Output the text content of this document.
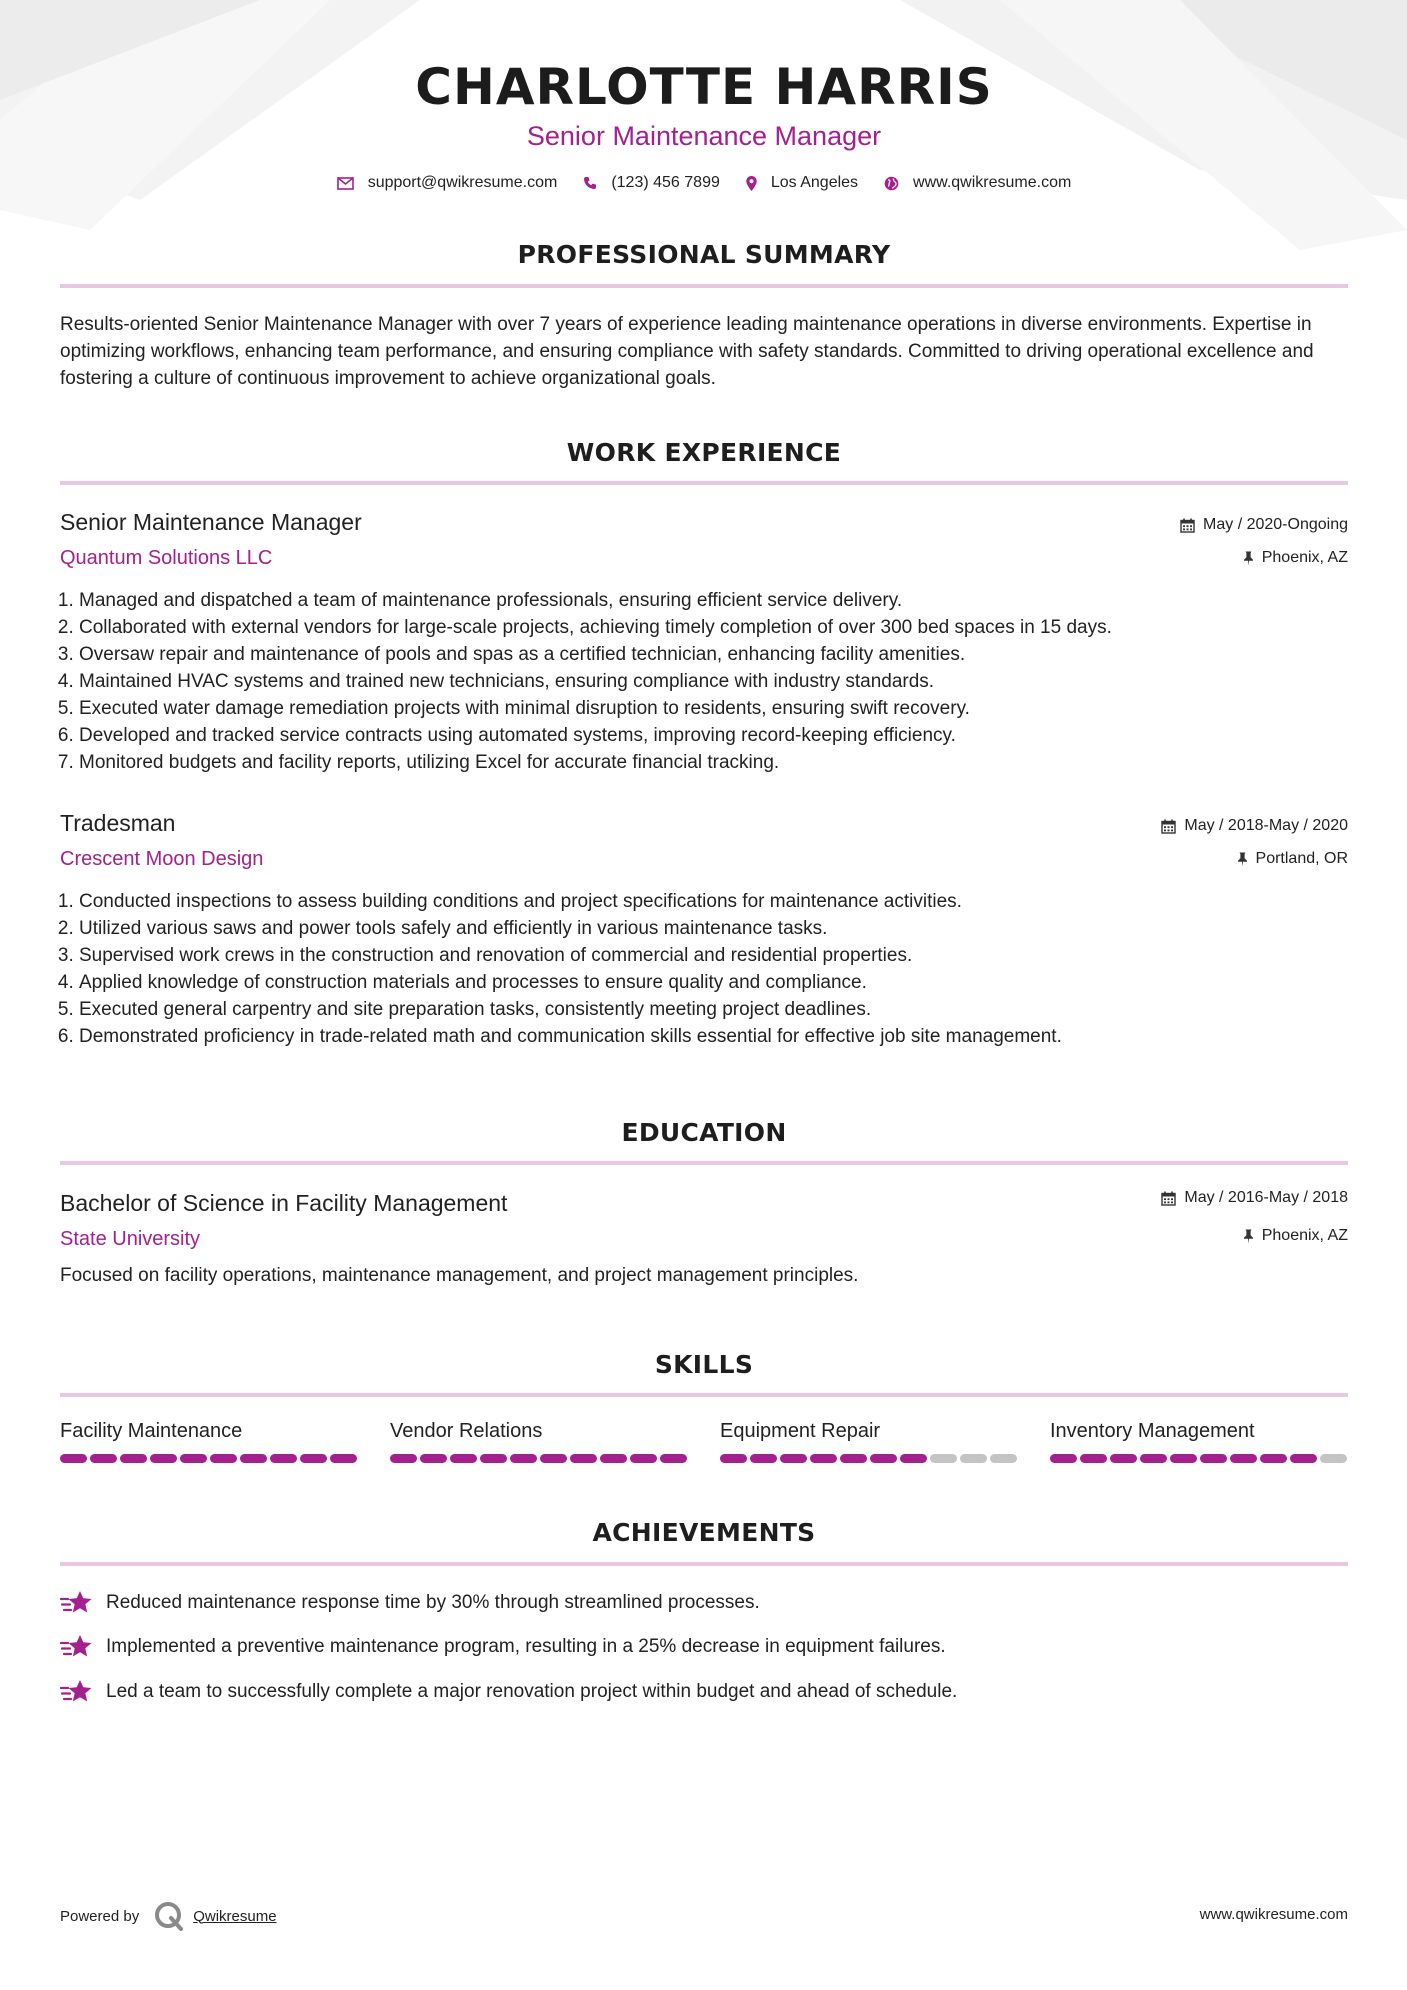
CHARLOTTE HARRIS
Senior Maintenance Manager
support@qwikresume.com	(123) 456 7899	Los Angeles	www.qwikresume.com
PROFESSIONAL SUMMARY
Results-oriented Senior Maintenance Manager with over 7 years of experience leading maintenance operations in diverse environments. Expertise in optimizing workflows, enhancing team performance, and ensuring compliance with safety standards. Committed to driving operational excellence and fostering a culture of continuous improvement to achieve organizational goals.
WORK EXPERIENCE
Senior Maintenance Manager
Quantum Solutions LLC
May / 2020-Ongoing
Phoenix, AZ
1. Managed and dispatched a team of maintenance professionals, ensuring efficient service delivery.
2. Collaborated with external vendors for large-scale projects, achieving timely completion of over 300 bed spaces in 15 days.
3. Oversaw repair and maintenance of pools and spas as a certified technician, enhancing facility amenities.
4. Maintained HVAC systems and trained new technicians, ensuring compliance with industry standards.
5. Executed water damage remediation projects with minimal disruption to residents, ensuring swift recovery.
6. Developed and tracked service contracts using automated systems, improving record-keeping efficiency.
7. Monitored budgets and facility reports, utilizing Excel for accurate financial tracking.
Tradesman
Crescent Moon Design
May / 2018-May / 2020
Portland, OR
1. Conducted inspections to assess building conditions and project specifications for maintenance activities.
2. Utilized various saws and power tools safely and efficiently in various maintenance tasks.
3. Supervised work crews in the construction and renovation of commercial and residential properties.
4. Applied knowledge of construction materials and processes to ensure quality and compliance.
5. Executed general carpentry and site preparation tasks, consistently meeting project deadlines.
6. Demonstrated proficiency in trade-related math and communication skills essential for effective job site management.
EDUCATION
Bachelor of Science in Facility Management
State University
May / 2016-May / 2018
Phoenix, AZ
Focused on facility operations, maintenance management, and project management principles.
SKILLS
Facility Maintenance	Vendor Relations	Equipment Repair	Inventory Management
ACHIEVEMENTS
Reduced maintenance response time by 30% through streamlined processes.
Implemented a preventive maintenance program, resulting in a 25% decrease in equipment failures.
Led a team to successfully complete a major renovation project within budget and ahead of schedule.
Powered by	Qwikresume	www.qwikresume.com
